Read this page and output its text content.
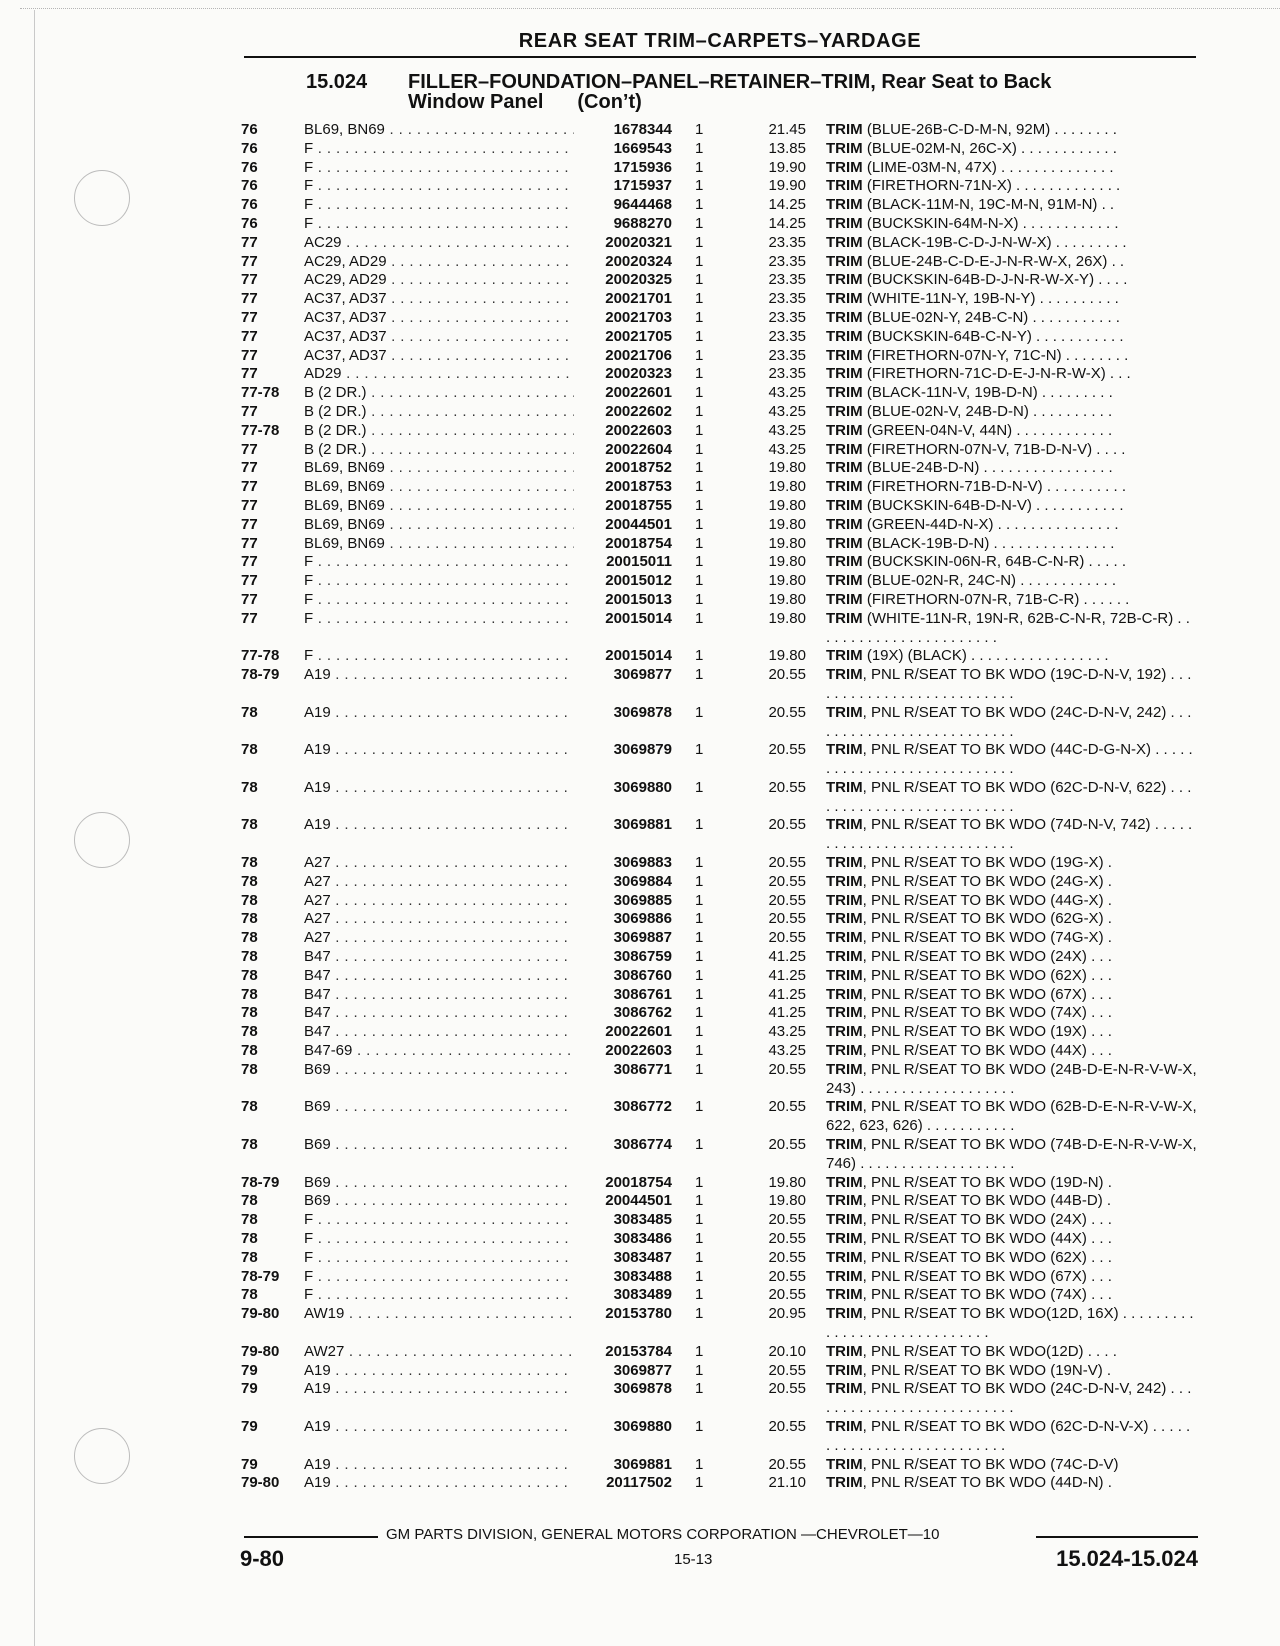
REAR SEAT TRIM–CARPETS–YARDAGE
15.024 FILLER–FOUNDATION–PANEL–RETAINER–TRIM, Rear Seat to Back
Window Panel (Con’t)
76	BL69, BN69 . . .	1678344 1	21.45 TRIM (BLUE-26B-C-D-M-N, 92M) . . . . . . . .
76	F . . .	1669543 1	13.85 TRIM (BLUE-02M-N, 26C-X) . . . . . . . . . . . .
76	F . . .	1715936 1	19.90 TRIM (LIME-03M-N, 47X) . . . . . . . . . . . . . .
76	F . . .	1715937 1	19.90 TRIM (FIRETHORN-71N-X) . . . . . . . . . . . . .
76	F . . .	9644468 1	14.25 TRIM (BLACK-11M-N, 19C-M-N, 91M-N) . .
76	F . . .	9688270 1	14.25 TRIM (BUCKSKIN-64M-N-X) . . . . . . . . . . . .
77	AC29 . . .	20020321 1	23.35 TRIM (BLACK-19B-C-D-J-N-W-X) . . . . . . . . .
77	AC29, AD29 . . .	20020324 1	23.35 TRIM (BLUE-24B-C-D-E-J-N-R-W-X, 26X) . .
77	AC29, AD29 . . .	20020325 1	23.35 TRIM (BUCKSKIN-64B-D-J-N-R-W-X-Y) . . . .
77	AC37, AD37 . . .	20021701 1	23.35 TRIM (WHITE-11N-Y, 19B-N-Y) . . . . . . . . . .
77	AC37, AD37 . . .	20021703 1	23.35 TRIM (BLUE-02N-Y, 24B-C-N) . . . . . . . . . . .
77	AC37, AD37 . . .	20021705 1	23.35 TRIM (BUCKSKIN-64B-C-N-Y) . . . . . . . . . . .
77	AC37, AD37 . . .	20021706 1	23.35 TRIM (FIRETHORN-07N-Y, 71C-N) . . . . . . . .
77	AD29 . . .	20020323 1	23.35 TRIM (FIRETHORN-71C-D-E-J-N-R-W-X) . . .
77-78 B (2 DR.) . . .	20022601 1	43.25 TRIM (BLACK-11N-V, 19B-D-N) . . . . . . . . .
77	B (2 DR.) . . .	20022602 1	43.25 TRIM (BLUE-02N-V, 24B-D-N) . . . . . . . . . .
77-78 B (2 DR.) . . .	20022603 1	43.25 TRIM (GREEN-04N-V, 44N) . . . . . . . . . . . .
77	B (2 DR.) . . .	20022604 1	43.25 TRIM (FIRETHORN-07N-V, 71B-D-N-V) . . . .
77	BL69, BN69 . . .	20018752 1	19.80 TRIM (BLUE-24B-D-N) . . . . . . . . . . . . . . . .
77	BL69, BN69 . . .	20018753 1	19.80 TRIM (FIRETHORN-71B-D-N-V) . . . . . . . . . .
77	BL69, BN69 . . .	20018755 1	19.80 TRIM (BUCKSKIN-64B-D-N-V) . . . . . . . . . . .
77	BL69, BN69 . . .	20044501 1	19.80 TRIM (GREEN-44D-N-X) . . . . . . . . . . . . . . .
77	BL69, BN69 . . .	20018754 1	19.80 TRIM (BLACK-19B-D-N) . . . . . . . . . . . . . . .
77	F . . .	20015011 1	19.80 TRIM (BUCKSKIN-06N-R, 64B-C-N-R) . . . . .
77	F . . .	20015012 1	19.80 TRIM (BLUE-02N-R, 24C-N) . . . . . . . . . . . .
77	F . . .	20015013 1	19.80 TRIM (FIRETHORN-07N-R, 71B-C-R) . . . . . .
77	F . . .	20015014 1	19.80 TRIM (WHITE-11N-R, 19N-R, 62B-C-N-R, 72B-C-R) . . . . . . . . . . . . . . . . . . . . . . .
77-78 F . . .	20015014 1	19.80 TRIM (19X) (BLACK) . . . . . . . . . . . . . . . . .
78-79 A19 . . .	3069877 1	20.55 TRIM, PNL R/SEAT TO BK WDO (19C-D-N-V, 192) . . . . . . . . . . . . . . . . . . . . . . . . . .
78	A19 . . .	3069878 1	20.55 TRIM, PNL R/SEAT TO BK WDO (24C-D-N-V, 242) . . . . . . . . . . . . . . . . . . . . . . . . . .
78	A19 . . .	3069879 1	20.55 TRIM, PNL R/SEAT TO BK WDO (44C-D-G-N-X) . . . . . . . . . . . . . . . . . . . . . . . . . . . .
78	A19 . . .	3069880 1	20.55 TRIM, PNL R/SEAT TO BK WDO (62C-D-N-V, 622) . . . . . . . . . . . . . . . . . . . . . . . . . .
78	A19 . . .	3069881 1	20.55 TRIM, PNL R/SEAT TO BK WDO (74D-N-V, 742) . . . . . . . . . . . . . . . . . . . . . . . . . . . .
78	A27 . . .	3069883 1	20.55 TRIM, PNL R/SEAT TO BK WDO (19G-X) .
78	A27 . . .	3069884 1	20.55 TRIM, PNL R/SEAT TO BK WDO (24G-X) .
78	A27 . . .	3069885 1	20.55 TRIM, PNL R/SEAT TO BK WDO (44G-X) .
78	A27 . . .	3069886 1	20.55 TRIM, PNL R/SEAT TO BK WDO (62G-X) .
78	A27 . . .	3069887 1	20.55 TRIM, PNL R/SEAT TO BK WDO (74G-X) .
78	B47 . . .	3086759 1	41.25 TRIM, PNL R/SEAT TO BK WDO (24X) . . .
78	B47 . . .	3086760 1	41.25 TRIM, PNL R/SEAT TO BK WDO (62X) . . .
78	B47 . . .	3086761 1	41.25 TRIM, PNL R/SEAT TO BK WDO (67X) . . .
78	B47 . . .	3086762 1	41.25 TRIM, PNL R/SEAT TO BK WDO (74X) . . .
78	B47 . . .	20022601 1	43.25 TRIM, PNL R/SEAT TO BK WDO (19X) . . .
78	B47-69 . . .	20022603 1	43.25 TRIM, PNL R/SEAT TO BK WDO (44X) . . .
78	B69 . . .	3086771 1	20.55 TRIM, PNL R/SEAT TO BK WDO (24B-D-E-N-R-V-W-X, 243) . . . . . . . . . . . . . . . . . . .
78	B69 . . .	3086772 1	20.55 TRIM, PNL R/SEAT TO BK WDO (62B-D-E-N-R-V-W-X, 622, 623, 626) . . . . . . . . . . .
78	B69 . . .	3086774 1	20.55 TRIM, PNL R/SEAT TO BK WDO (74B-D-E-N-R-V-W-X, 746) . . . . . . . . . . . . . . . . . . .
78-79 B69 . . .	20018754 1	19.80 TRIM, PNL R/SEAT TO BK WDO (19D-N) .
78	B69 . . .	20044501 1	19.80 TRIM, PNL R/SEAT TO BK WDO (44B-D) .
78	F . . .	3083485 1	20.55 TRIM, PNL R/SEAT TO BK WDO (24X) . . .
78	F . . .	3083486 1	20.55 TRIM, PNL R/SEAT TO BK WDO (44X) . . .
78	F . . .	3083487 1	20.55 TRIM, PNL R/SEAT TO BK WDO (62X) . . .
78-79 F . . .	3083488 1	20.55 TRIM, PNL R/SEAT TO BK WDO (67X) . . .
78	F . . .	3083489 1	20.55 TRIM, PNL R/SEAT TO BK WDO (74X) . . .
79-80 AW19 . . .	20153780 1	20.95 TRIM, PNL R/SEAT TO BK WDO(12D, 16X) . . . . . . . . . . . . . . . . . . . . . . . . . . . . .
79-80 AW27 . . .	20153784 1	20.10 TRIM, PNL R/SEAT TO BK WDO(12D) . . . .
79	A19 . . .	3069877 1	20.55 TRIM, PNL R/SEAT TO BK WDO (19N-V) .
79	A19 . . .	3069878 1	20.55 TRIM, PNL R/SEAT TO BK WDO (24C-D-N-V, 242) . . . . . . . . . . . . . . . . . . . . . . . . . .
79	A19 . . .	3069880 1	20.55 TRIM, PNL R/SEAT TO BK WDO (62C-D-N-V-X) . . . . . . . . . . . . . . . . . . . . . . . . . . .
79	A19 . . .	3069881 1	20.55 TRIM, PNL R/SEAT TO BK WDO (74C-D-V)
79-80 A19 . . .	20117502 1	21.10 TRIM, PNL R/SEAT TO BK WDO (44D-N) .
GM PARTS DIVISION, GENERAL MOTORS CORPORATION —CHEVROLET—10
9-80	15-13	15.024-15.024
